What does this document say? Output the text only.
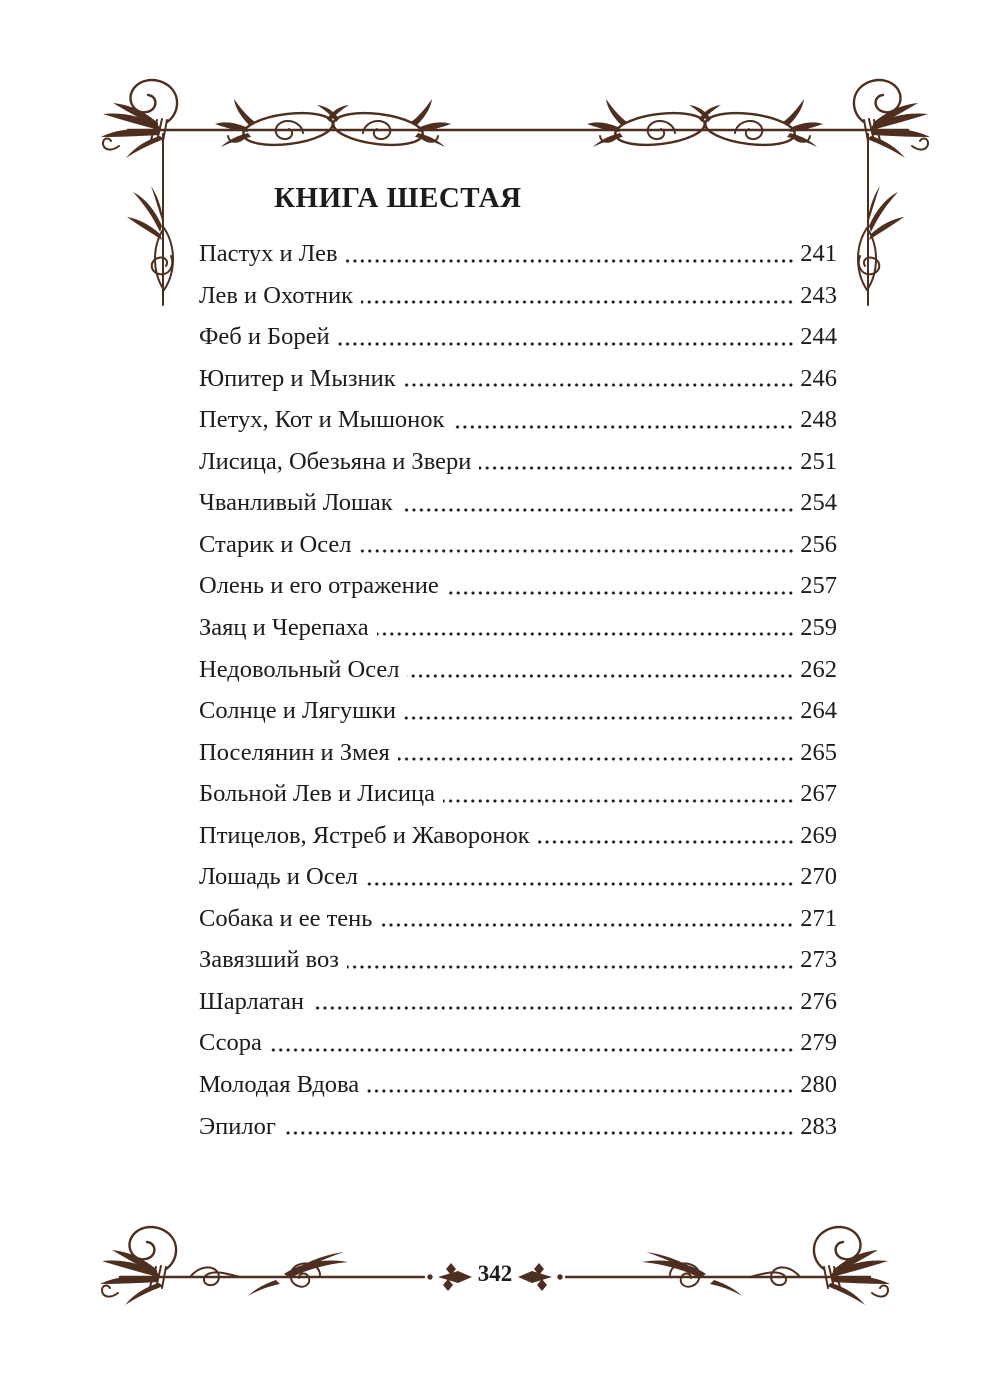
КНИГА ШЕСТАЯ
Пастух и Лев	241
Лев и Охотник	243
Феб и Борей	244
Юпитер и Мызник	246
Петух, Кот и Мышонок	248
Лисица, Обезьяна и Звери	251
Чванливый Лошак	254
Старик и Осел	256
Олень и его отражение	257
Заяц и Черепаха	259
Недовольный Осел	262
Солнце и Лягушки	264
Поселянин и Змея	265
Больной Лев и Лисица	267
Птицелов, Ястреб и Жаворонок	269
Лошадь и Осел	270
Собака и ее тень	271
Завязший воз	273
Шарлатан	276
Ссора	279
Молодая Вдова	280
Эпилог	283
342
